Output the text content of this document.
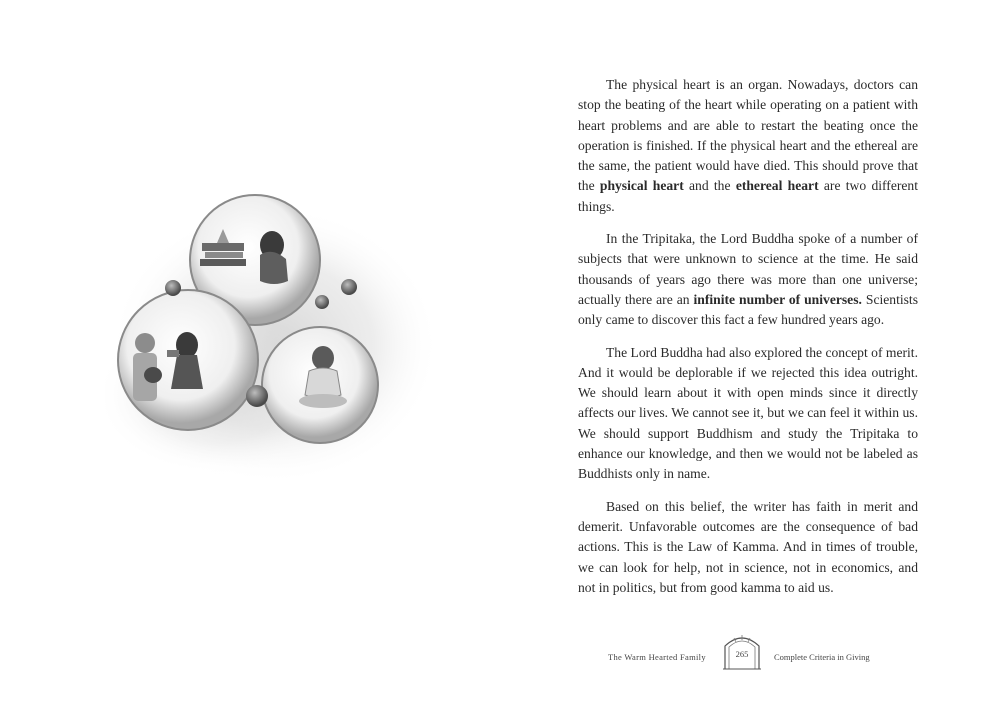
The physical heart is an organ. Nowadays, doctors can stop the beating of the heart while operating on a patient with heart problems and are able to restart the beating once the operation is finished. If the physical heart and the ethereal are the same, the patient would have died. This should prove that the physical heart and the ethereal heart are two different things.

In the Tripitaka, the Lord Buddha spoke of a number of subjects that were unknown to science at the time. He said thousands of years ago there was more than one universe; actually there are an infinite number of universes. Scientists only came to discover this fact a few hundred years ago.

The Lord Buddha had also explored the concept of merit. And it would be deplorable if we rejected this idea outright. We should learn about it with open minds since it directly affects our lives. We cannot see it, but we can feel it within us. We should support Buddhism and study the Tripitaka to enhance our knowledge, and then we would not be labeled as Buddhists only in name.

Based on this belief, the writer has faith in merit and demerit. Unfavorable outcomes are the consequence of bad actions. This is the Law of Kamma. And in times of trouble, we can look for help, not in science, not in economics, and not in politics, but from good kamma to aid us.

The Warm Hearted Family	265	Complete Criteria in Giving
